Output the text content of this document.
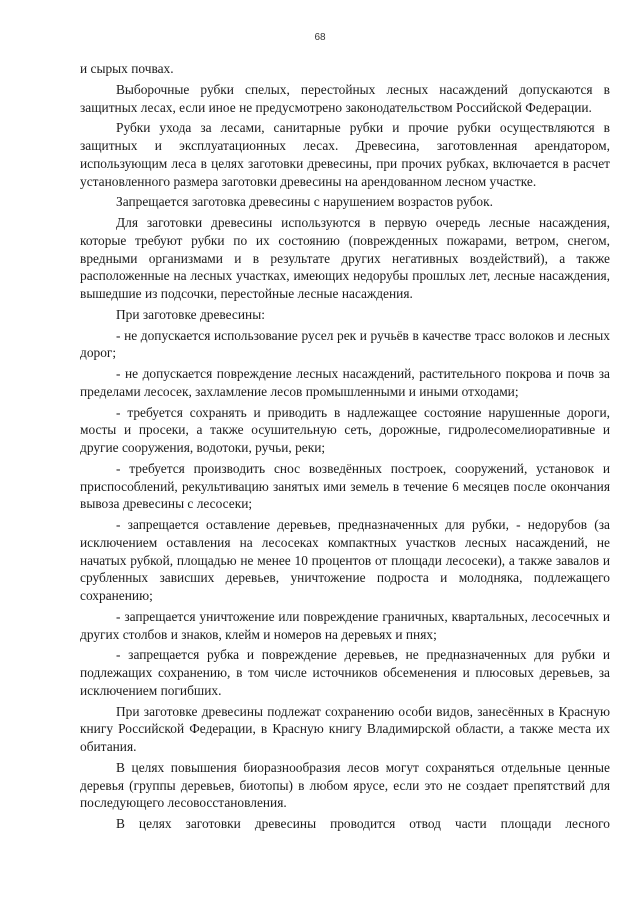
68

и сырых почвах.

Выборочные рубки спелых, перестойных лесных насаждений допускаются в защитных лесах, если иное не предусмотрено законодательством Российской Федерации.

Рубки ухода за лесами, санитарные рубки и прочие рубки осуществляются в защитных и эксплуатационных лесах. Древесина, заготовленная арендатором, использующим леса в целях заготовки древесины, при прочих рубках, включается в расчет установленного размера заготовки древесины на арендованном лесном участке.

Запрещается заготовка древесины с нарушением возрастов рубок.

Для заготовки древесины используются в первую очередь лесные насаждения, которые требуют рубки по их состоянию (поврежденных пожарами, ветром, снегом, вредными организмами и в результате других негативных воздействий), а также расположенные на лесных участках, имеющих недорубы прошлых лет, лесные насаждения, вышедшие из подсочки, перестойные лесные насаждения.

При заготовке древесины:

- не допускается использование русел рек и ручьёв в качестве трасс волоков и лесных дорог;

- не допускается повреждение лесных насаждений, растительного покрова и почв за пределами лесосек, захламление лесов промышленными и иными отходами;

- требуется сохранять и приводить в надлежащее состояние нарушенные дороги, мосты и просеки, а также осушительную сеть, дорожные, гидролесомелиоративные и другие сооружения, водотоки, ручьи, реки;

- требуется производить снос возведённых построек, сооружений, установок и приспособлений, рекультивацию занятых ими земель в течение 6 месяцев после окончания вывоза древесины с лесосеки;

- запрещается оставление деревьев, предназначенных для рубки, - недорубов (за исключением оставления на лесосеках компактных участков лесных насаждений, не начатых рубкой, площадью не менее 10 процентов от площади лесосеки), а также завалов и срубленных зависших деревьев, уничтожение подроста и молодняка, подлежащего сохранению;

- запрещается уничтожение или повреждение граничных, квартальных, лесосечных и других столбов и знаков, клейм и номеров на деревьях и пнях;

- запрещается рубка и повреждение деревьев, не предназначенных для рубки и подлежащих сохранению, в том числе источников обсеменения и плюсовых деревьев, за исключением погибших.

При заготовке древесины подлежат сохранению особи видов, занесённых в Красную книгу Российской Федерации, в Красную книгу Владимирской области, а также места их обитания.

В целях повышения биоразнообразия лесов могут сохраняться отдельные ценные деревья (группы деревьев, биотопы) в любом ярусе, если это не создает препятствий для последующего лесовосстановления.

В целях заготовки древесины проводится отвод части площади лесного
